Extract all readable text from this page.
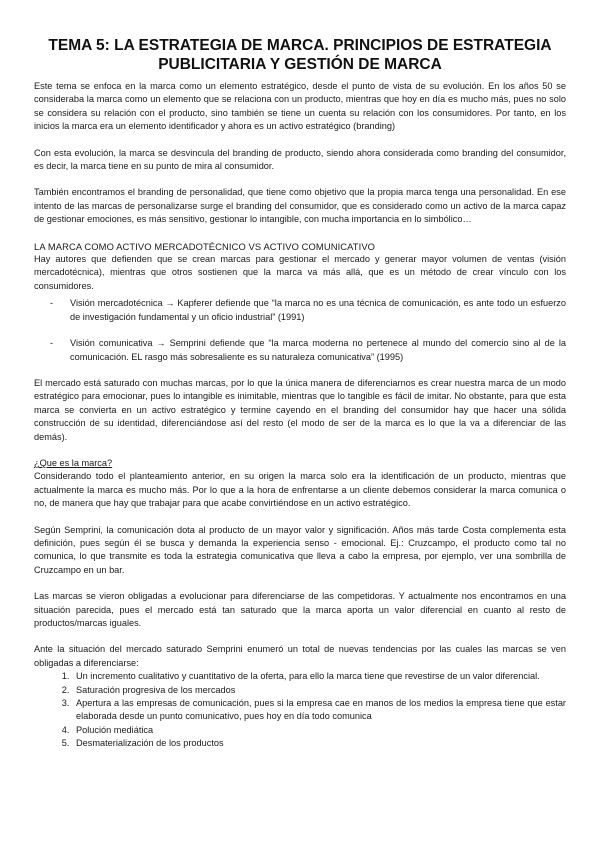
TEMA 5: LA ESTRATEGIA DE MARCA. PRINCIPIOS DE ESTRATEGIA PUBLICITARIA Y GESTIÓN DE MARCA

Este tema se enfoca en la marca como un elemento estratégico, desde el punto de vista de su evolución. En los años 50 se consideraba la marca como un elemento que se relaciona con un producto, mientras que hoy en día es mucho más, pues no solo se considera su relación con el producto, sino también se tiene un cuenta su relación con los consumidores. Por tanto, en los inicios la marca era un elemento identificador y ahora es un activo estratégico (branding)

Con esta evolución, la marca se desvincula del branding de producto, siendo ahora considerada como branding del consumidor, es decir, la marca tiene en su punto de mira al consumidor.

También encontramos el branding de personalidad, que tiene como objetivo que la propia marca tenga una personalidad. En ese intento de las marcas de personalizarse surge el branding del consumidor, que es considerado como un activo de la marca capaz de gestionar emociones, es más sensitivo, gestionar lo intangible, con mucha importancia en lo simbólico…

LA MARCA COMO ACTIVO MERCADOTÉCNICO VS ACTIVO COMUNICATIVO

Hay autores que defienden que se crean marcas para gestionar el mercado y generar mayor volumen de ventas (visión mercadotécnica), mientras que otros sostienen que la marca va más allá, que es un método de crear vínculo con los consumidores.

- Visión mercadotécnica → Kapferer defiende que “la marca no es una técnica de comunicación, es ante todo un esfuerzo de investigación fundamental y un oficio industrial” (1991)
- Visión comunicativa → Semprini defiende que “la marca moderna no pertenece al mundo del comercio sino al de la comunicación. EL rasgo más sobresaliente es su naturaleza comunicativa” (1995)

El mercado está saturado con muchas marcas, por lo que la única manera de diferenciarnos es crear nuestra marca de un modo estratégico para emocionar, pues lo intangible es inimitable, mientras que lo tangible es fácil de imitar. No obstante, para que esta marca se convierta en un activo estratégico y termine cayendo en el branding del consumidor hay que hacer una sólida construcción de su identidad, diferenciándose así del resto (el modo de ser de la marca es lo que la va a diferenciar de las demás).

¿Que es la marca?

Considerando todo el planteamiento anterior, en su origen la marca solo era la identificación de un producto, mientras que actualmente la marca es mucho más. Por lo que a la hora de enfrentarse a un cliente debemos considerar la marca comunica o no, de manera que hay que trabajar para que acabe convirtiéndose en un activo estratégico.

Según Semprini, la comunicación dota al producto de un mayor valor y significación. Años más tarde Costa complementa esta definición, pues según él se busca y demanda la experiencia senso - emocional. Ej.: Cruzcampo, el producto como tal no comunica, lo que transmite es toda la estrategia comunicativa que lleva a cabo la empresa, por ejemplo, ver una sombrilla de Cruzcampo en un bar.

Las marcas se vieron obligadas a evolucionar para diferenciarse de las competidoras. Y actualmente nos encontramos en una situación parecida, pues el mercado está tan saturado que la marca aporta un valor diferencial en cuanto al resto de productos/marcas iguales.

Ante la situación del mercado saturado Semprini enumeró un total de nuevas tendencias por las cuales las marcas se ven obligadas a diferenciarse:

1. Un incremento cualitativo y cuantitativo de la oferta, para ello la marca tiene que revestirse de un valor diferencial.
2. Saturación progresiva de los mercados
3. Apertura a las empresas de comunicación, pues si la empresa cae en manos de los medios la empresa tiene que estar elaborada desde un punto comunicativo, pues hoy en día todo comunica
4. Polución mediática
5. Desmaterialización de los productos
